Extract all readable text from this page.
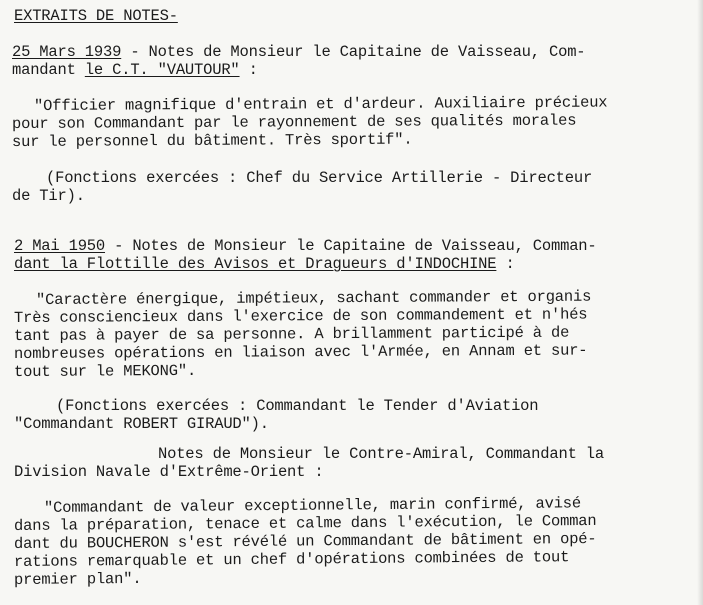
EXTRAITS DE NOTES-
25 Mars 1939 - Notes de Monsieur le Capitaine de Vaisseau, Com-
mandant le C.T. "VAUTOUR" :
"Officier magnifique d'entrain et d'ardeur. Auxiliaire précieux
pour son Commandant par le rayonnement de ses qualités morales
sur le personnel du bâtiment. Très sportif".
(Fonctions exercées : Chef du Service Artillerie - Directeur
de Tir).
2 Mai 1950 - Notes de Monsieur le Capitaine de Vaisseau, Comman-
dant la Flottille des Avisos et Dragueurs d'INDOCHINE :
"Caractère énergique, impétieux, sachant commander et organis
Très consciencieux dans l'exercice de son commandement et n'hés
tant pas à payer de sa personne. A brillamment participé à de
nombreuses opérations en liaison avec l'Armée, en Annam et sur-
tout sur le MEKONG".
(Fonctions exercées : Commandant le Tender d'Aviation
"Commandant ROBERT GIRAUD").
Notes de Monsieur le Contre-Amiral, Commandant la
Division Navale d'Extrême-Orient :
"Commandant de valeur exceptionnelle, marin confirmé, avisé
dans la préparation, tenace et calme dans l'exécution, le Comman
dant du BOUCHERON s'est révélé un Commandant de bâtiment en opé-
rations remarquable et un chef d'opérations combinées de tout
premier plan".
